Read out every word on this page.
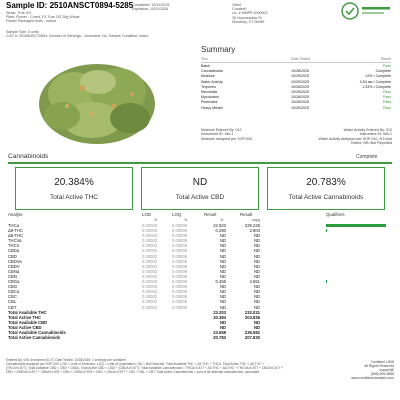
Sample ID: 2510ANSCT0894-5285
Strain: True OG
Plant, Flower - Cured, FX True OG 28g Whole
Flower Packaged Units - Indica
Completed: 10/31/2025
Expiration: 10/31/2026
Client
Curaleaf
Lic. # MMPR.0000003
36 Hopmeadow St
Simsbury, CT 06089
Sample Size: 5 units
COC #: 2510ANSCT0894; Number of Servings: ; Amended: No; Sample Condition: Intact
Summary
Test	Date Tested	Result
Batch	Pass
Cannabinoids	10/28/2025	Complete
Moisture	10/29/2025	13% • Complete
Water Activity	10/29/2025	0.54 aw • Complete
Terpenes	10/28/2025	1.33% • Complete
Microbials	10/28/2025	Pass
Mycotoxins	10/28/2025	Pass
Pesticides	10/28/2025	Pass
Heavy Metals	10/30/2025	Pass
Moisture Entered By: 012
Instrument ID: MA-1
Moisture analyzed per SOP-004
Water Activity Entered By: 012
Instrument ID: WA-1
Water Activity analyzed per SOP-010. NT=Not
Tested, NR=Not Reported
Cannabinoids	Complete
20.384%
Total Active THC
ND
Total Active CBD
20.783%
Total Active Cannabinoids
Analyte	LOD	LOQ	Result	Result	Qualifiers
%	%	%	mg/g
THCa	0.00003	0.00009	22.923	229.226
Δ9-THC	0.00003	0.00009	0.280	2.804
Δ8-THC	0.00003	0.00009	ND	ND
THCVa	0.00003	0.00009	ND	ND
THCV	0.00002	0.00006	ND	ND
CBDa	0.00002	0.00006	ND	ND
CBD	0.00002	0.00006	ND	ND
CBDVa	0.00002	0.00006	ND	ND
CBDV	0.00002	0.00006	ND	ND
CBNa	0.00003	0.00009	ND	ND
CBN	0.00002	0.00006	ND	ND
CBGa	0.00003	0.00009	0.455	4.551
CBG	0.00003	0.00009	ND	ND
CBCa	0.00002	0.00006	ND	ND
CBC	0.00002	0.00006	ND	ND
CBL	0.00002	0.00006	ND	ND
CBT	0.00002	0.00006	ND	ND
Total Available THC	23.203	232.031
Total Active THC	20.384	203.836
Total Available CBD	ND	ND
Total Active CBD	ND	ND
Total Available Cannabinoids	23.658	236.582
Total Active Cannabinoids	20.783	207.830
Entered By: 005; Instrument ID: E, Date Tested: 10/28/2025; 1 servings per container
Cannabinoids analyzed per SOP-009. LOD = Limit of Detection, LOQ = Limit of Quantitation, ND = Not Detected. Total Available THC = Δ9-THC + THCA. Total Active THC = Δ9-THC +
(THCA×0.877). Total Available CBD = CBD + CBDA. Total Active CBD = CBD + (CBDA×0.877). Total Available Cannabinoids = THCA×0.877 + Δ9-THC + Δ8-THC + THCVA×0.877 + CBDA×0.877 +
CBD + CBDVA×0.877 + CBNA×0.876 + CBN + CBGA×0.878 + CBG + CBCA×0.877 + CBC + CBL + CBT. Total Active Cannabinoids = sum of all detected cannabinoids, calculated
Confident LIMS
All Rights Reserved
support@
(866) 506-5866
www.confidentcannabis.com
